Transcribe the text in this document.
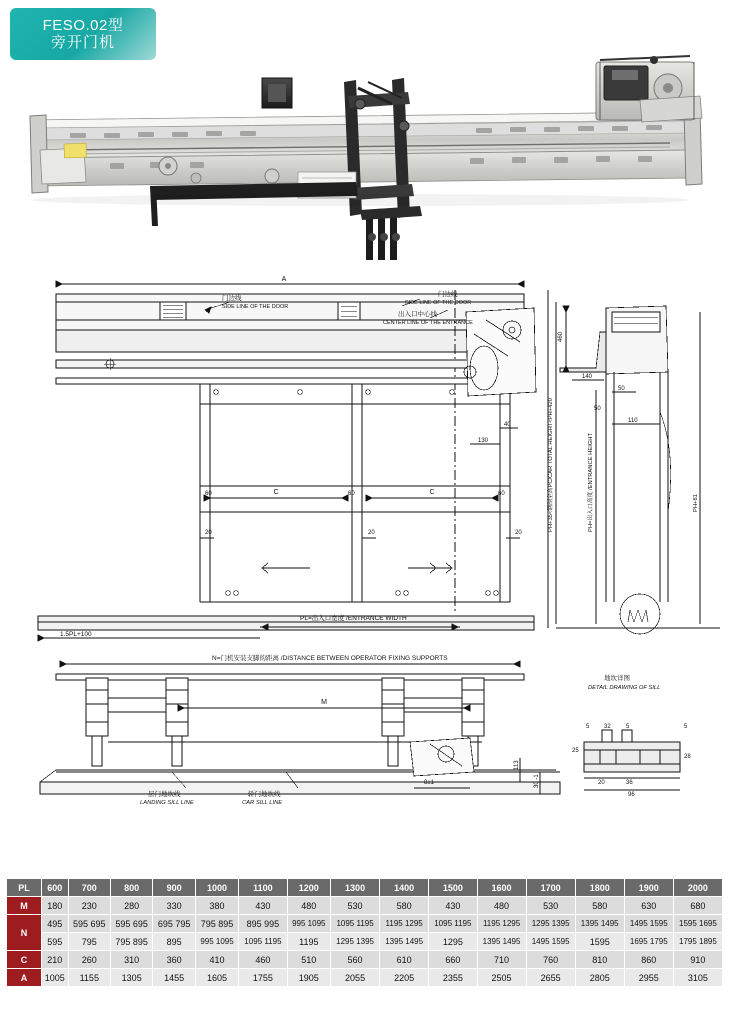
A
C	C
60	60	60
20	20	20
1.5PL+100
460
140
50
50
110
130
40
M
8±1	30 -1
113
5 32	5	5
25
28
20	36
96
门边线
SIDE LINE OF THE DOOR
门边线
SIDE LINE OF THE DOOR
出入口中心线
CENTER LINE OF THE ENTRANCE
PL=出入口宽度 /ENTRANCE WIDTH
N=门机安装支脚的距离 /DISTANCE BETWEEN OPERATOR FIXING SUPPORTS
PH+35<钢制全高PC/CAR TOTAL HEIGHT<PH+420	PH=出入口高度 /ENTRANCE HEIGHT	PH+81
地坎详图
DETAIL DRAWING OF SILL
层门地坎线
LANDING SILL LINE
轿门地坎线
CAR SILL LINE
FESO.02型
旁开门机
PL	600	700	800	900	1000	1100	1200	1300	1400	1500	1600	1700	1800	1900	2000
M	180	230	280	330	380	430	480	530	580	430	480	530	580	630	680
N	495	595 695	595 695	695 795	795 895	895 995	995 1095	1095 1195	1195 1295	1095 1195	1195 1295	1295 1395	1395 1495	1495 1595	1595 1695
	595	795	795 895	895	995 1095	1095 1195	1195	1295 1395	1395 1495	1295	1395 1495	1495 1595	1595	1695 1795	1795 1895
C	210	260	310	360	410	460	510	560	610	660	710	760	810	860	910
A	1005	1155	1305	1455	1605	1755	1905	2055	2205	2355	2505	2655	2805	2955	3105
